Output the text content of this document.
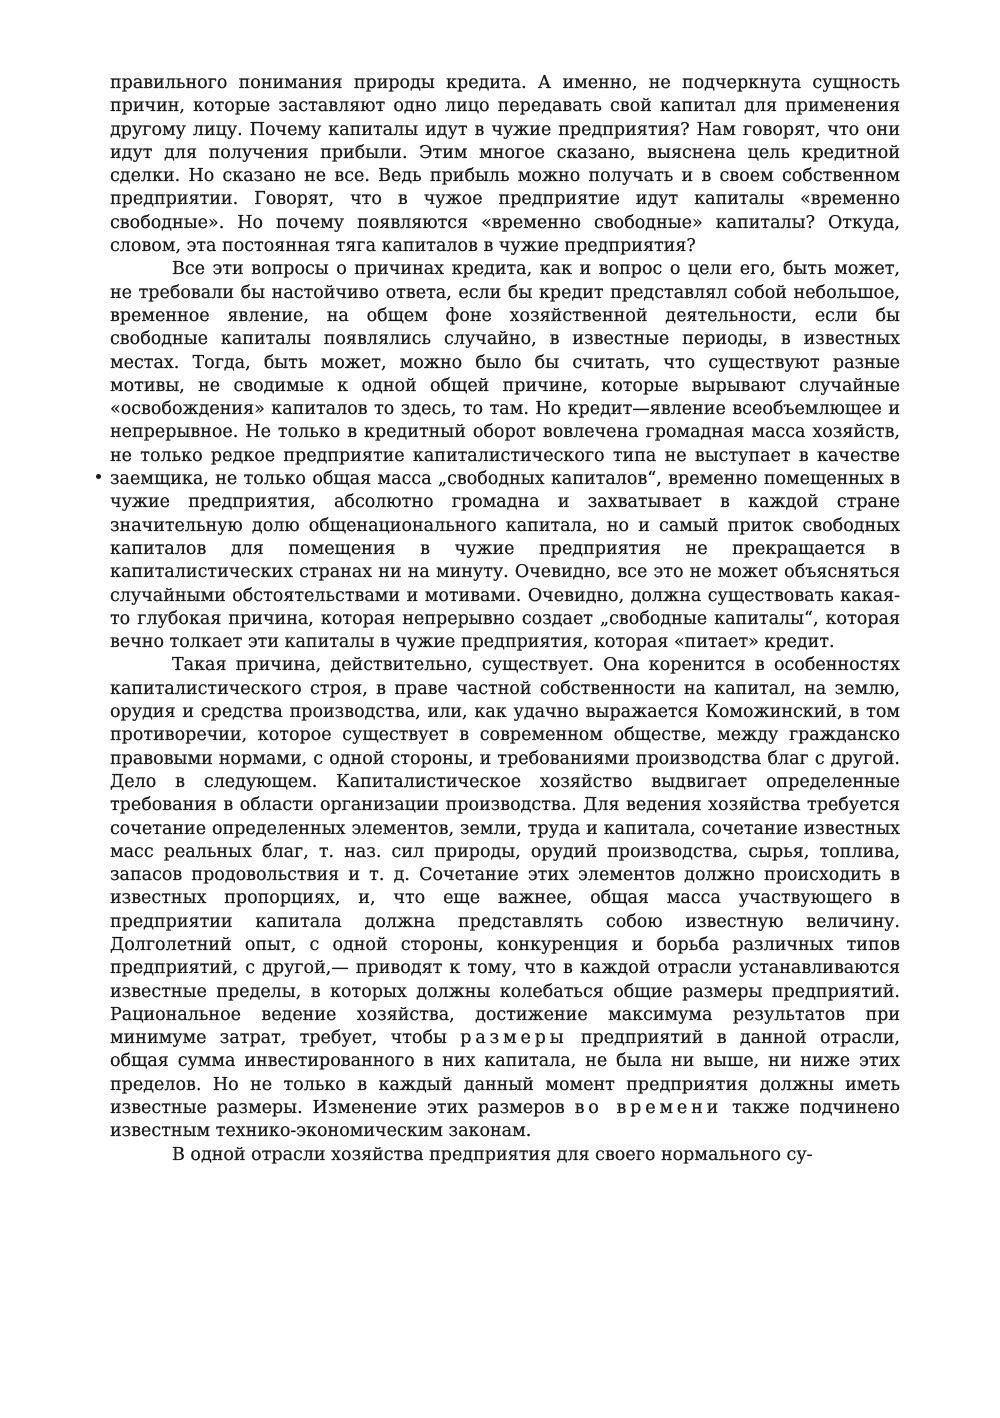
правильного понимания природы кредита. А именно, не подчеркнута сущность причин, которые заставляют одно лицо передавать свой капитал для применения другому лицу. Почему капиталы идут в чужие предприятия? Нам говорят, что они идут для получения прибыли. Этим многое сказано, выяснена цель кредитной сделки. Но сказано не все. Ведь прибыль можно получать и в своем собственном предприятии. Говорят, что в чужое предприятие идут капиталы «временно свободные». Но почему появляются «временно свободные» капиталы? Откуда, словом, эта постоянная тяга капиталов в чужие предприятия?

Все эти вопросы о причинах кредита, как и вопрос о цели его, быть может, не требовали бы настойчиво ответа, если бы кредит представлял собой небольшое, временное явление, на общем фоне хозяйственной деятельности, если бы свободные капиталы появлялись случайно, в известные периоды, в известных местах. Тогда, быть может, можно было бы считать, что существуют разные мотивы, не сводимые к одной общей причине, которые вырывают случайные «освобождения» капиталов то здесь, то там. Но кредит—явление всеобъемлющее и непрерывное. Не только в кредитный оборот вовлечена громадная масса хозяйств, не только редкое предприятие капиталистического типа не выступает в качестве заемщика, не только общая масса „свободных капиталов“, временно помещенных в чужие предприятия, абсолютно громадна и захватывает в каждой стране значительную долю общенационального капитала, но и самый приток свободных капиталов для помещения в чужие предприятия не прекращается в капиталистических странах ни на минуту. Очевидно, все это не может объясняться случайными обстоятельствами и мотивами. Очевидно, должна существовать какая-то глубокая причина, которая непрерывно создает „свободные капиталы“, которая вечно толкает эти капиталы в чужие предприятия, которая «питает» кредит.

Такая причина, действительно, существует. Она коренится в особенностях капиталистического строя, в праве частной собственности на капитал, на землю, орудия и средства производства, или, как удачно выражается Коможинский, в том противоречии, которое существует в современном обществе, между гражданско правовыми нормами, с одной стороны, и требованиями производства благ с другой. Дело в следующем. Капиталистическое хозяйство выдвигает определенные требования в области организации производства. Для ведения хозяйства требуется сочетание определенных элементов, земли, труда и капитала, сочетание известных масс реальных благ, т. наз. сил природы, орудий производства, сырья, топлива, запасов продовольствия и т. д. Сочетание этих элементов должно происходить в известных пропорциях, и, что еще важнее, общая масса участвующего в предприятии капитала должна представлять собою известную величину. Долголетний опыт, с одной стороны, конкуренция и борьба различных типов предприятий, с другой,— приводят к тому, что в каждой отрасли устанавливаются известные пределы, в которых должны колебаться общие размеры предприятий. Рациональное ведение хозяйства, достижение максимума результатов при минимуме затрат, требует, чтобы размеры предприятий в данной отрасли, общая сумма инвестированного в них капитала, не была ни выше, ни ниже этих пределов. Но не только в каждый данный момент предприятия должны иметь известные размеры. Изменение этих размеров во времени также подчинено известным технико-экономическим законам.

В одной отрасли хозяйства предприятия для своего нормального су-
